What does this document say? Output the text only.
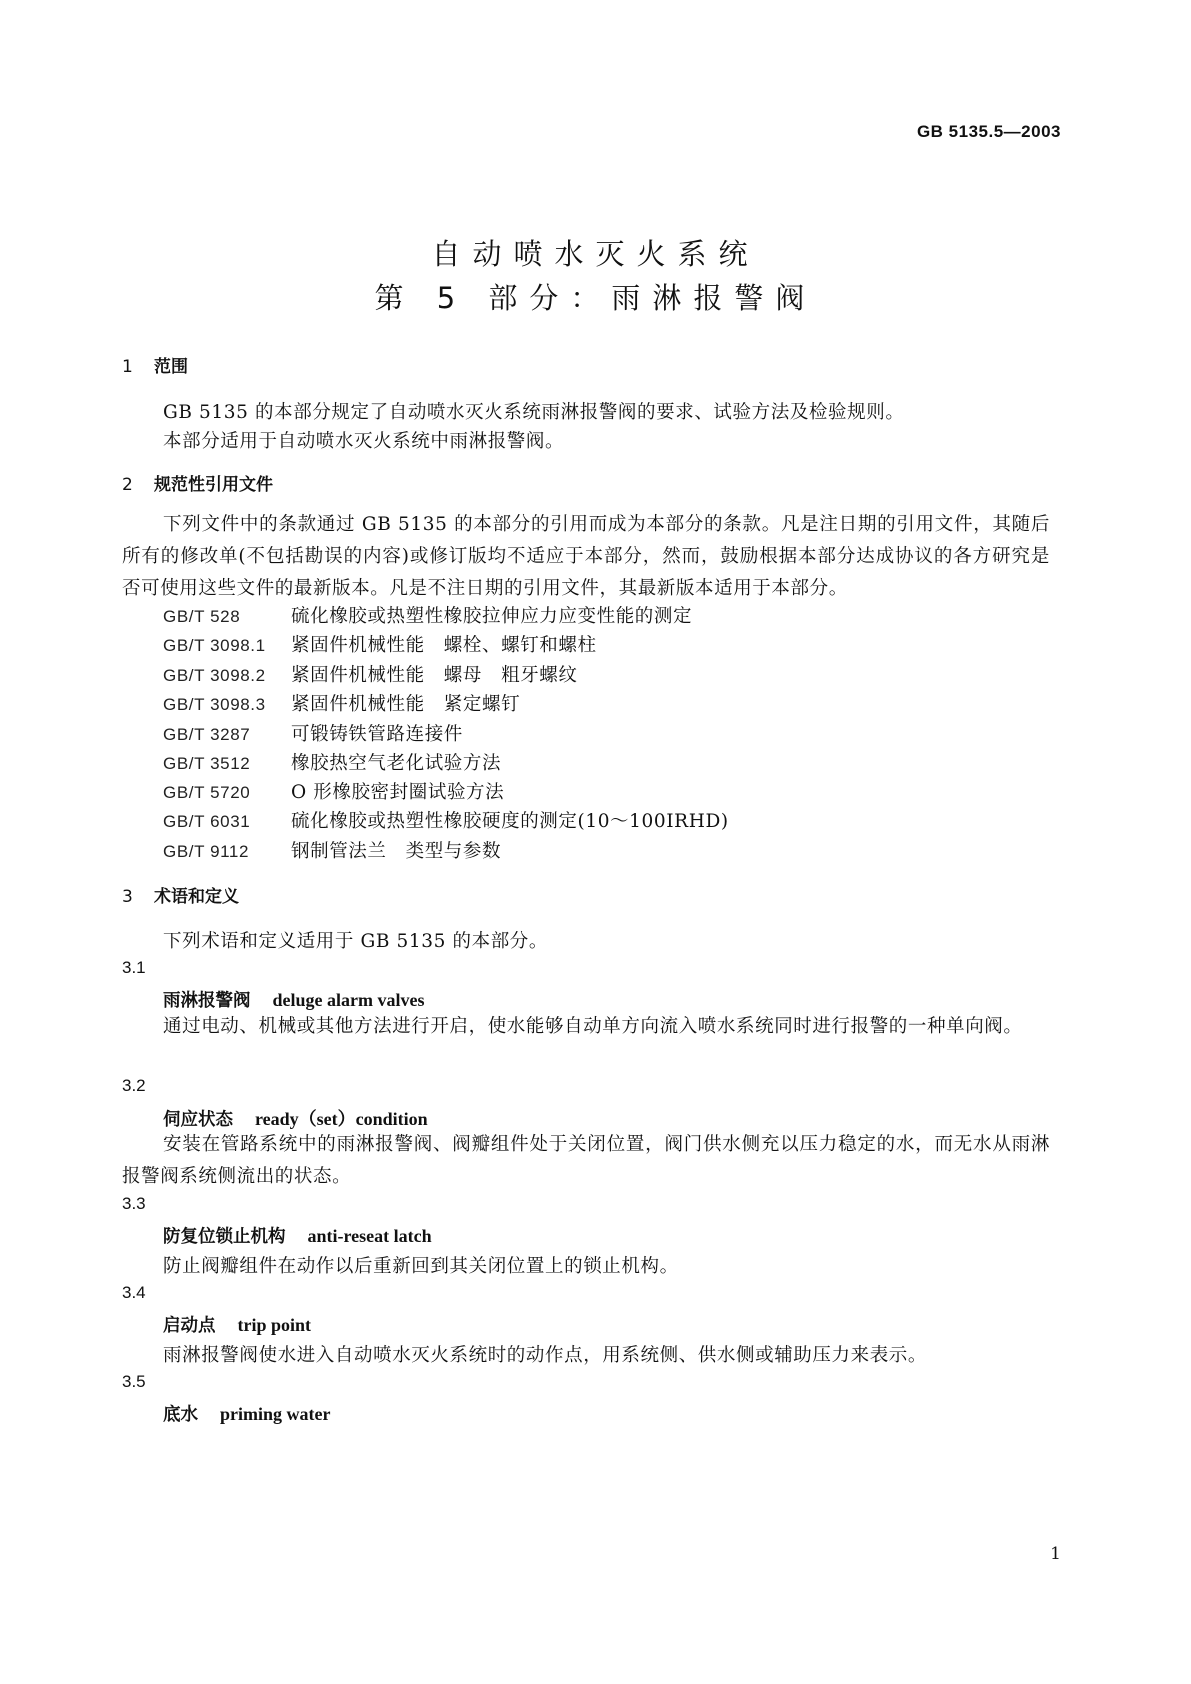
GB 5135.5—2003
自动喷水灭火系统
第 5 部分：雨淋报警阀
1 范围
GB 5135 的本部分规定了自动喷水灭火系统雨淋报警阀的要求、试验方法及检验规则。
本部分适用于自动喷水灭火系统中雨淋报警阀。
2 规范性引用文件
下列文件中的条款通过 GB 5135 的本部分的引用而成为本部分的条款。凡是注日期的引用文件，其随后所有的修改单(不包括勘误的内容)或修订版均不适应于本部分，然而，鼓励根据本部分达成协议的各方研究是否可使用这些文件的最新版本。凡是不注日期的引用文件，其最新版本适用于本部分。
GB/T 528	硫化橡胶或热塑性橡胶拉伸应力应变性能的测定
GB/T 3098.1 紧固件机械性能　螺栓、螺钉和螺柱
GB/T 3098.2 紧固件机械性能　螺母　粗牙螺纹
GB/T 3098.3 紧固件机械性能　紧定螺钉
GB/T 3287 可锻铸铁管路连接件
GB/T 3512 橡胶热空气老化试验方法
GB/T 5720 O 形橡胶密封圈试验方法
GB/T 6031 硫化橡胶或热塑性橡胶硬度的测定(10～100IRHD)
GB/T 9112 钢制管法兰　类型与参数
3 术语和定义
下列术语和定义适用于 GB 5135 的本部分。
3.1
雨淋报警阀 deluge alarm valves
通过电动、机械或其他方法进行开启，使水能够自动单方向流入喷水系统同时进行报警的一种单向阀。
3.2
伺应状态 ready（set）condition
安装在管路系统中的雨淋报警阀、阀瓣组件处于关闭位置，阀门供水侧充以压力稳定的水，而无水从雨淋报警阀系统侧流出的状态。
3.3
防复位锁止机构 anti-reseat latch
防止阀瓣组件在动作以后重新回到其关闭位置上的锁止机构。
3.4
启动点 trip point
雨淋报警阀使水进入自动喷水灭火系统时的动作点，用系统侧、供水侧或辅助压力来表示。
3.5
底水 priming water
1
